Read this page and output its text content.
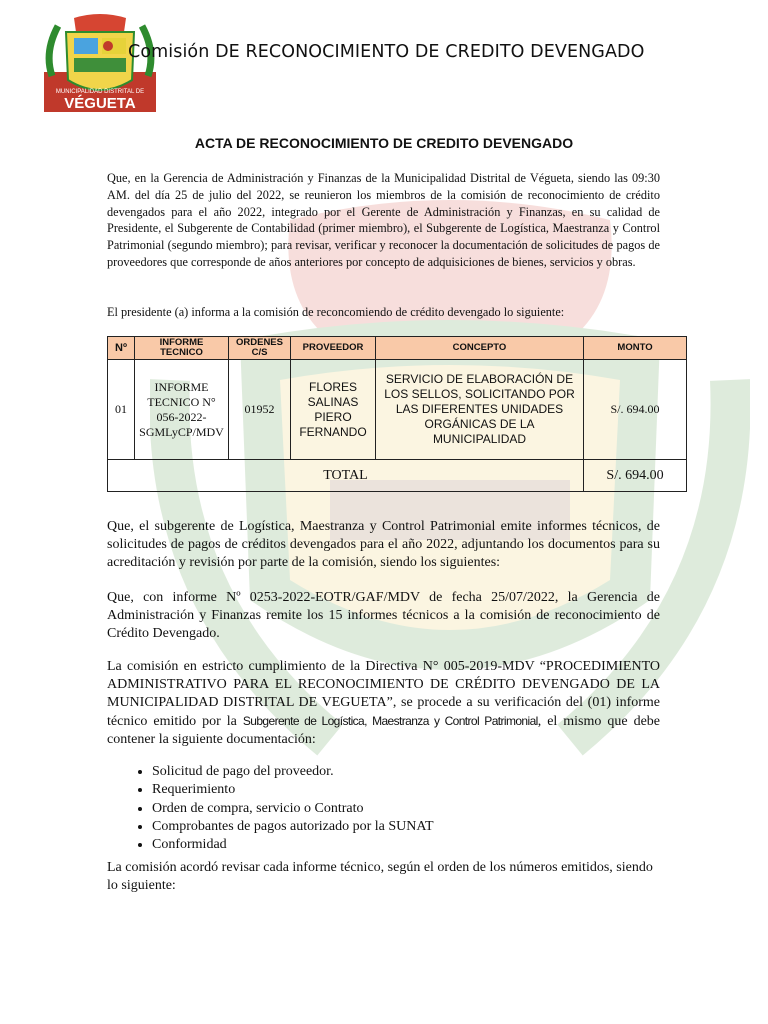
MUNICIPALIDAD DISTRITAL DE
VÉGUETA
Comisión DE RECONOCIMIENTO DE CREDITO DEVENGADO
ACTA DE RECONOCIMIENTO DE CREDITO DEVENGADO

Que, en la Gerencia de Administración y Finanzas de la Municipalidad Distrital de Végueta, siendo las 09:30 AM. del día 25 de julio del 2022, se reunieron los miembros de la comisión de reconocimiento de crédito devengados para el año 2022, integrado por el Gerente de Administración y Finanzas, en su calidad de Presidente, el Subgerente de Contabilidad (primer miembro), el Subgerente de Logística, Maestranza y Control Patrimonial (segundo miembro); para revisar, verificar y reconocer la documentación de solicitudes de pagos de proveedores que corresponde de años anteriores por concepto de adquisiciones de bienes, servicios y obras.

El presidente (a) informa a la comisión de reconcomiendo de crédito devengado lo siguiente:

Nº	INFORME TECNICO	ORDENES C/S	PROVEEDOR	CONCEPTO	MONTO
01	INFORME TECNICO N° 056-2022-SGMLyCP/MDV	01952	FLORES SALINAS PIERO FERNANDO	SERVICIO DE ELABORACIÓN DE LOS SELLOS, SOLICITANDO POR LAS DIFERENTES UNIDADES ORGÁNICAS DE LA MUNICIPALIDAD	S/. 694.00
TOTAL					S/. 694.00

Que, el subgerente de Logística, Maestranza y Control Patrimonial emite informes técnicos, de solicitudes de pagos de créditos devengados para el año 2022, adjuntando los documentos para su acreditación y revisión por parte de la comisión, siendo los siguientes:

Que, con informe Nº 0253-2022-EOTR/GAF/MDV de fecha 25/07/2022, la Gerencia de Administración y Finanzas remite los 15 informes técnicos a la comisión de reconocimiento de Crédito Devengado.

La comisión en estricto cumplimiento de la Directiva N° 005-2019-MDV “PROCEDIMIENTO ADMINISTRATIVO PARA EL RECONOCIMIENTO DE CRÉDITO DEVENGADO DE LA MUNICIPALIDAD DISTRITAL DE VEGUETA”, se procede a su verificación del (01) informe técnico emitido por la Subgerente de Logística, Maestranza y Control Patrimonial, el mismo que debe contener la siguiente documentación:

• Solicitud de pago del proveedor.
• Requerimiento
• Orden de compra, servicio o Contrato
• Comprobantes de pagos autorizado por la SUNAT
• Conformidad

La comisión acordó revisar cada informe técnico, según el orden de los números emitidos, siendo lo siguiente:
